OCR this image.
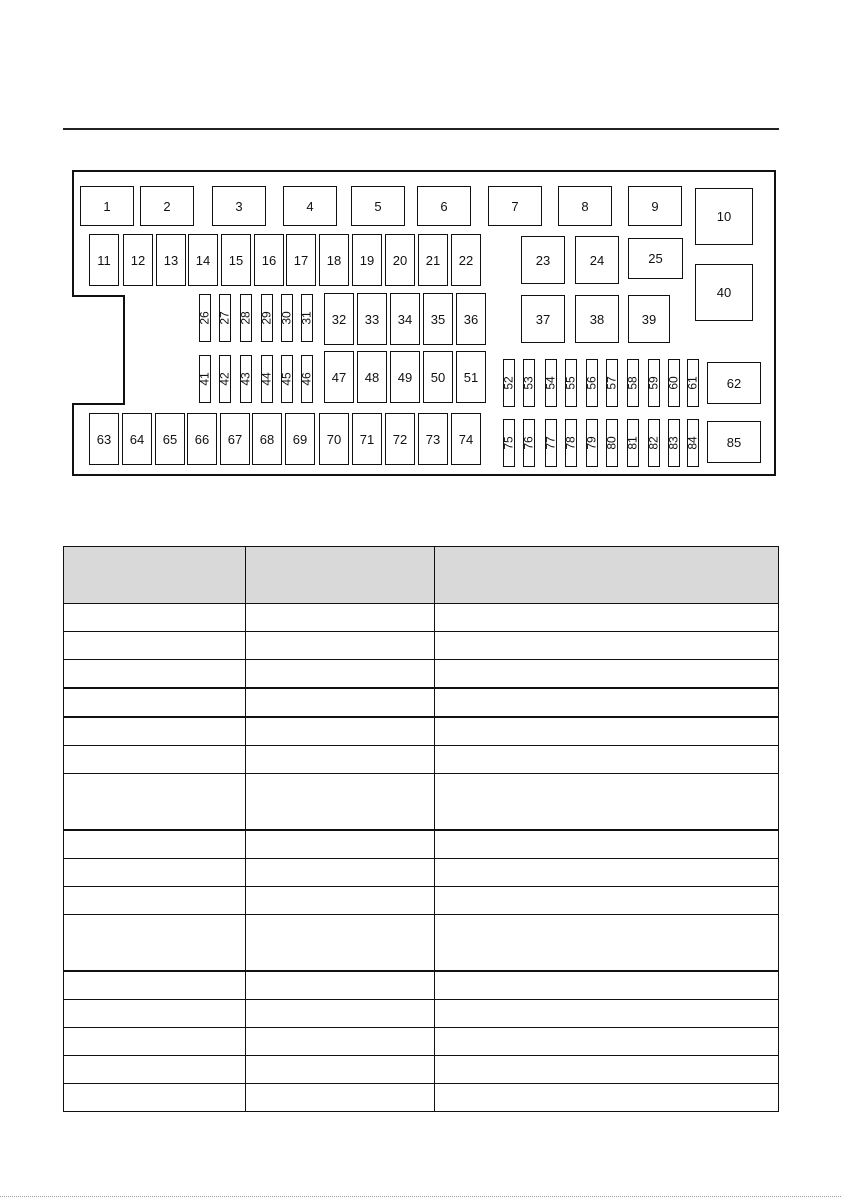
1	2	3	4	5	6	7	8	9
10
11 12 13 14 15 16 17 18 19 20 21 22	23	24	25
40
26 27 28 29 30 31 32 33 34 35 36	37	38	39
41 42 43 44 45 46 47 48 49 50 51 52 53 54 55 56 57 58 59 60 61 62
63 64 65 66 67 68 69 70 71 72 73 74 75 76 77 78 79 80 81 82 83 84 85
